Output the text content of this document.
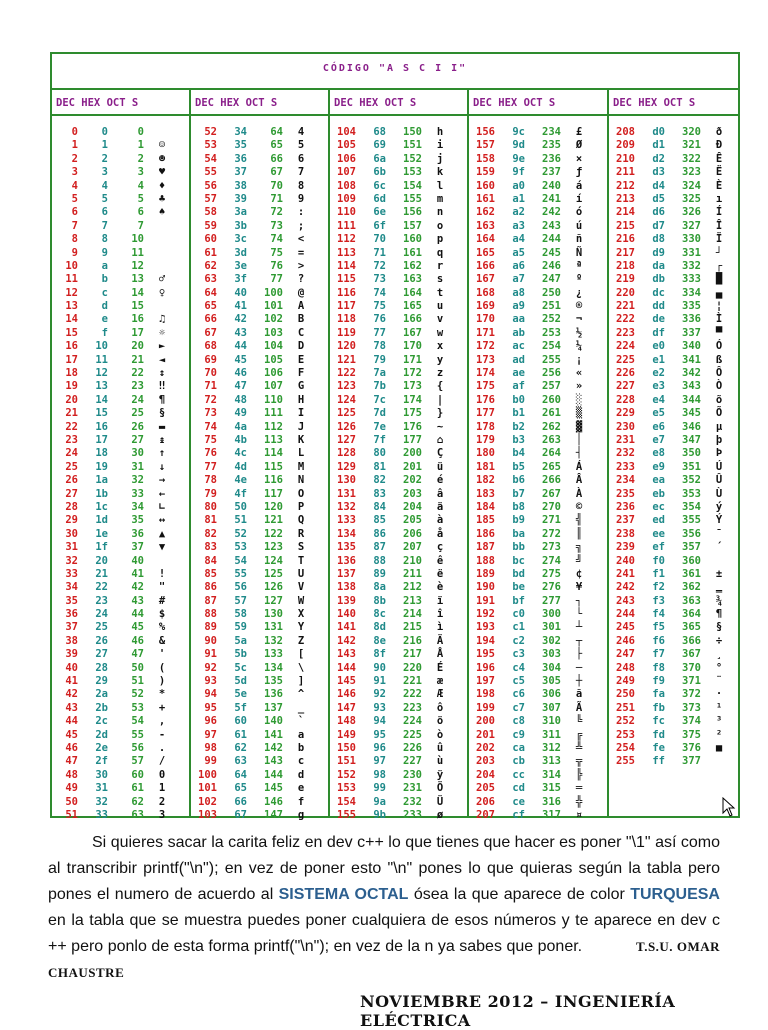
CÓDIGO "A S C I I"
DEC HEX OCT S
0	0	0
1	1	1 ☺
2	2	2 ☻
3	3	3 ♥
4	4	4 ♦
5	5	5 ♣
6	6	6 ♠
7	7	7
8	8	10
9	9	11
10	a	12
11	b	13 ♂
12	c	14 ♀
13	d	15
14	e	16 ♫
15	f	17 ☼
16	10	20 ►
17	11	21 ◄
18	12	22 ↕
19	13	23 ‼
20	14	24 ¶
21	15	25 §
22	16	26 ▬
23	17	27 ↨
24	18	30 ↑
25	19	31 ↓
26	1a	32 →
27	1b	33 ←
28	1c	34 ∟
29	1d	35 ↔
30	1e	36 ▲
31	1f	37 ▼
32	20	40
33	21	41 !
34	22	42 "
35	23	43 #
36	24	44 $
37	25	45 %
38	26	46 &
39	27	47 '
40	28	50 (
41	29	51 )
42	2a	52 *
43	2b	53 +
44	2c	54 ,
45	2d	55 -
46	2e	56 .
47	2f	57 /
48	30	60 0
49	31	61 1
50	32	62 2
51	33	63 3
DEC HEX OCT S
52	34	64 4
53	35	65 5
54	36	66 6
55	37	67 7
56	38	70 8
57	39	71 9
58	3a	72 :
59	3b	73 ;
60	3c	74 <
61	3d	75 =
62	3e	76 >
63	3f	77 ?
64	40	100 @
65	41	101 A
66	42	102 B
67	43	103 C
68	44	104 D
69	45	105 E
70	46	106 F
71	47	107 G
72	48	110 H
73	49	111 I
74	4a	112 J
75	4b	113 K
76	4c	114 L
77	4d	115 M
78	4e	116 N
79	4f	117 O
80	50	120 P
81	51	121 Q
82	52	122 R
83	53	123 S
84	54	124 T
85	55	125 U
86	56	126 V
87	57	127 W
88	58	130 X
89	59	131 Y
90	5a	132 Z
91	5b	133 [
92	5c	134 \
93	5d	135 ]
94	5e	136 ^
95	5f	137 _
96	60	140 `
97	61	141 a
98	62	142 b
99	63	143 c
100	64	144 d
101	65	145 e
102	66	146 f
103	67	147 g
DEC HEX OCT S
104	68	150 h
105	69	151 i
106	6a	152 j
107	6b	153 k
108	6c	154 l
109	6d	155 m
110	6e	156 n
111	6f	157 o
112	70	160 p
113	71	161 q
114	72	162 r
115	73	163 s
116	74	164 t
117	75	165 u
118	76	166 v
119	77	167 w
120	78	170 x
121	79	171 y
122	7a	172 z
123	7b	173 {
124	7c	174 |
125	7d	175 }
126	7e	176 ~
127	7f	177 ⌂
128	80	200 Ç
129	81	201 ü
130	82	202 é
131	83	203 â
132	84	204 ä
133	85	205 à
134	86	206 å
135	87	207 ç
136	88	210 ê
137	89	211 ë
138	8a	212 è
139	8b	213 ï
140	8c	214 î
141	8d	215 ì
142	8e	216 Ä
143	8f	217 Å
144	90	220 É
145	91	221 æ
146	92	222 Æ
147	93	223 ô
148	94	224 ö
149	95	225 ò
150	96	226 û
151	97	227 ù
152	98	230 ÿ
153	99	231 Ö
154	9a	232 Ü
155	9b	233 ø
DEC HEX OCT S
156	9c	234 £
157	9d	235 Ø
158	9e	236 ×
159	9f	237 ƒ
160	a0	240 á
161	a1	241 í
162	a2	242 ó
163	a3	243 ú
164	a4	244 ñ
165	a5	245 Ñ
166	a6	246 ª
167	a7	247 º
168	a8	250 ¿
169	a9	251 ®
170	aa	252 ¬
171	ab	253 ½
172	ac	254 ¼
173	ad	255 ¡
174	ae	256 «
175	af	257 »
176	b0	260 ░
177	b1	261 ▒
178	b2	262 ▓
179	b3	263 │
180	b4	264 ┤
181	b5	265 Á
182	b6	266 Â
183	b7	267 À
184	b8	270 ©
185	b9	271 ╣
186	ba	272 ║
187	bb	273 ╗
188	bc	274 ╝
189	bd	275 ¢
190	be	276 ¥
191	bf	277 ┐
192	c0	300 └
193	c1	301 ┴
194	c2	302 ┬
195	c3	303 ├
196	c4	304 ─
197	c5	305 ┼
198	c6	306 ã
199	c7	307 Ã
200	c8	310 ╚
201	c9	311 ╔
202	ca	312 ╩
203	cb	313 ╦
204	cc	314 ╠
205	cd	315 ═
206	ce	316 ╬
207	cf	317 ¤
DEC HEX OCT S
208	d0	320 ð
209	d1	321 Ð
210	d2	322 Ê
211	d3	323 Ë
212	d4	324 È
213	d5	325 ı
214	d6	326 Í
215	d7	327 Î
216	d8	330 Ï
217	d9	331 ┘
218	da	332 ┌
219	db	333 █
220	dc	334 ▄
221	dd	335 ¦
222	de	336 Ì
223	df	337 ▀
224	e0	340 Ó
225	e1	341 ß
226	e2	342 Ô
227	e3	343 Ò
228	e4	344 õ
229	e5	345 Õ
230	e6	346 µ
231	e7	347 þ
232	e8	350 Þ
233	e9	351 Ú
234	ea	352 Û
235	eb	353 Ù
236	ec	354 ý
237	ed	355 Ý
238	ee	356 ¯
239	ef	357 ´
240	f0	360
241	f1	361 ±
242	f2	362 ‗
243	f3	363 ¾
244	f4	364 ¶
245	f5	365 §
246	f6	366 ÷
247	f7	367 ¸
248	f8	370 °
249	f9	371 ¨
250	fa	372 ·
251	fb	373 ¹
252	fc	374 ³
253	fd	375 ²
254	fe	376 ■
255	ff	377
Si quieres sacar la carita feliz en dev c++ lo que tienes que hacer es poner "\1" así como al transcribir printf("\n"); en vez de poner esto "\n" pones lo que quieras según la tabla pero pones el numero de acuerdo al SISTEMA OCTAL ósea la que aparece de color TURQUESA en la tabla que se muestra puedes poner cualquiera de esos números y te aparece en dev c ++ pero ponlo de esta forma printf("\n"); en vez de la n ya sabes que poner.	T.S.U. OMAR CHAUSTRE
NOVIEMBRE 2012 – INGENIERÍA ELÉCTRICA
